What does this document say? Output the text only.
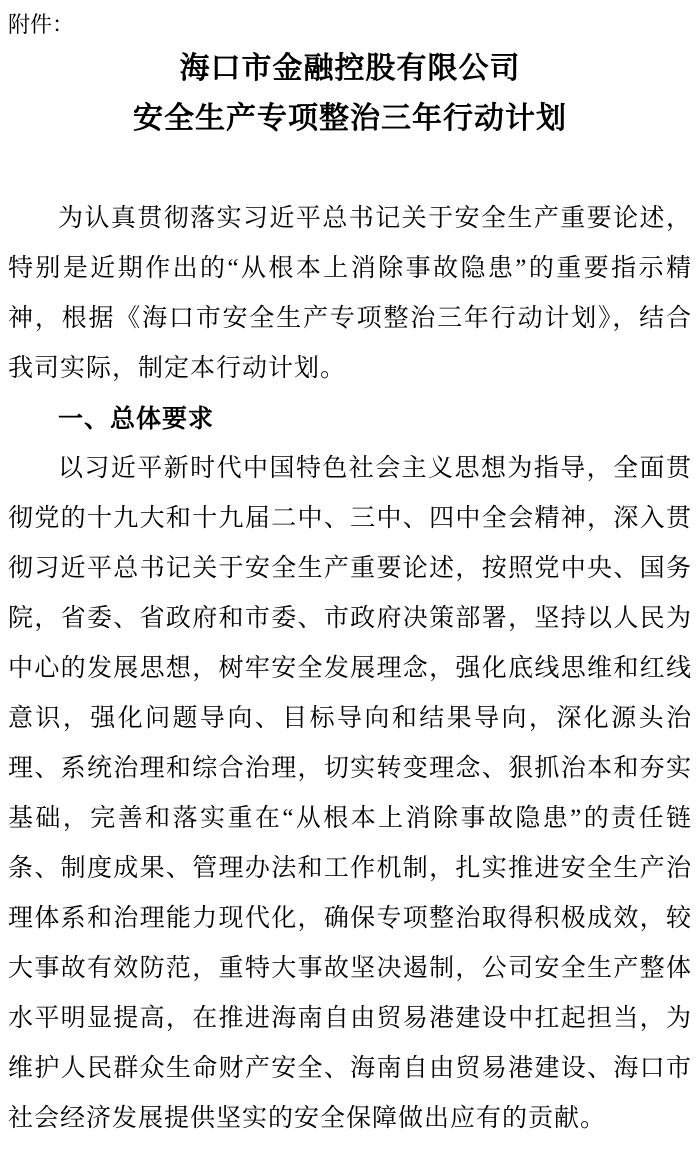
附件：
海口市金融控股有限公司
安全生产专项整治三年行动计划

为认真贯彻落实习近平总书记关于安全生产重要论述，特别是近期作出的“从根本上消除事故隐患”的重要指示精神，根据《海口市安全生产专项整治三年行动计划》，结合我司实际，制定本行动计划。

一、总体要求

以习近平新时代中国特色社会主义思想为指导，全面贯彻党的十九大和十九届二中、三中、四中全会精神，深入贯彻习近平总书记关于安全生产重要论述，按照党中央、国务院，省委、省政府和市委、市政府决策部署，坚持以人民为中心的发展思想，树牢安全发展理念，强化底线思维和红线意识，强化问题导向、目标导向和结果导向，深化源头治理、系统治理和综合治理，切实转变理念、狠抓治本和夯实基础，完善和落实重在“从根本上消除事故隐患”的责任链条、制度成果、管理办法和工作机制，扎实推进安全生产治理体系和治理能力现代化，确保专项整治取得积极成效，较大事故有效防范，重特大事故坚决遏制，公司安全生产整体水平明显提高，在推进海南自由贸易港建设中扛起担当，为维护人民群众生命财产安全、海南自由贸易港建设、海口市社会经济发展提供坚实的安全保障做出应有的贡献。
